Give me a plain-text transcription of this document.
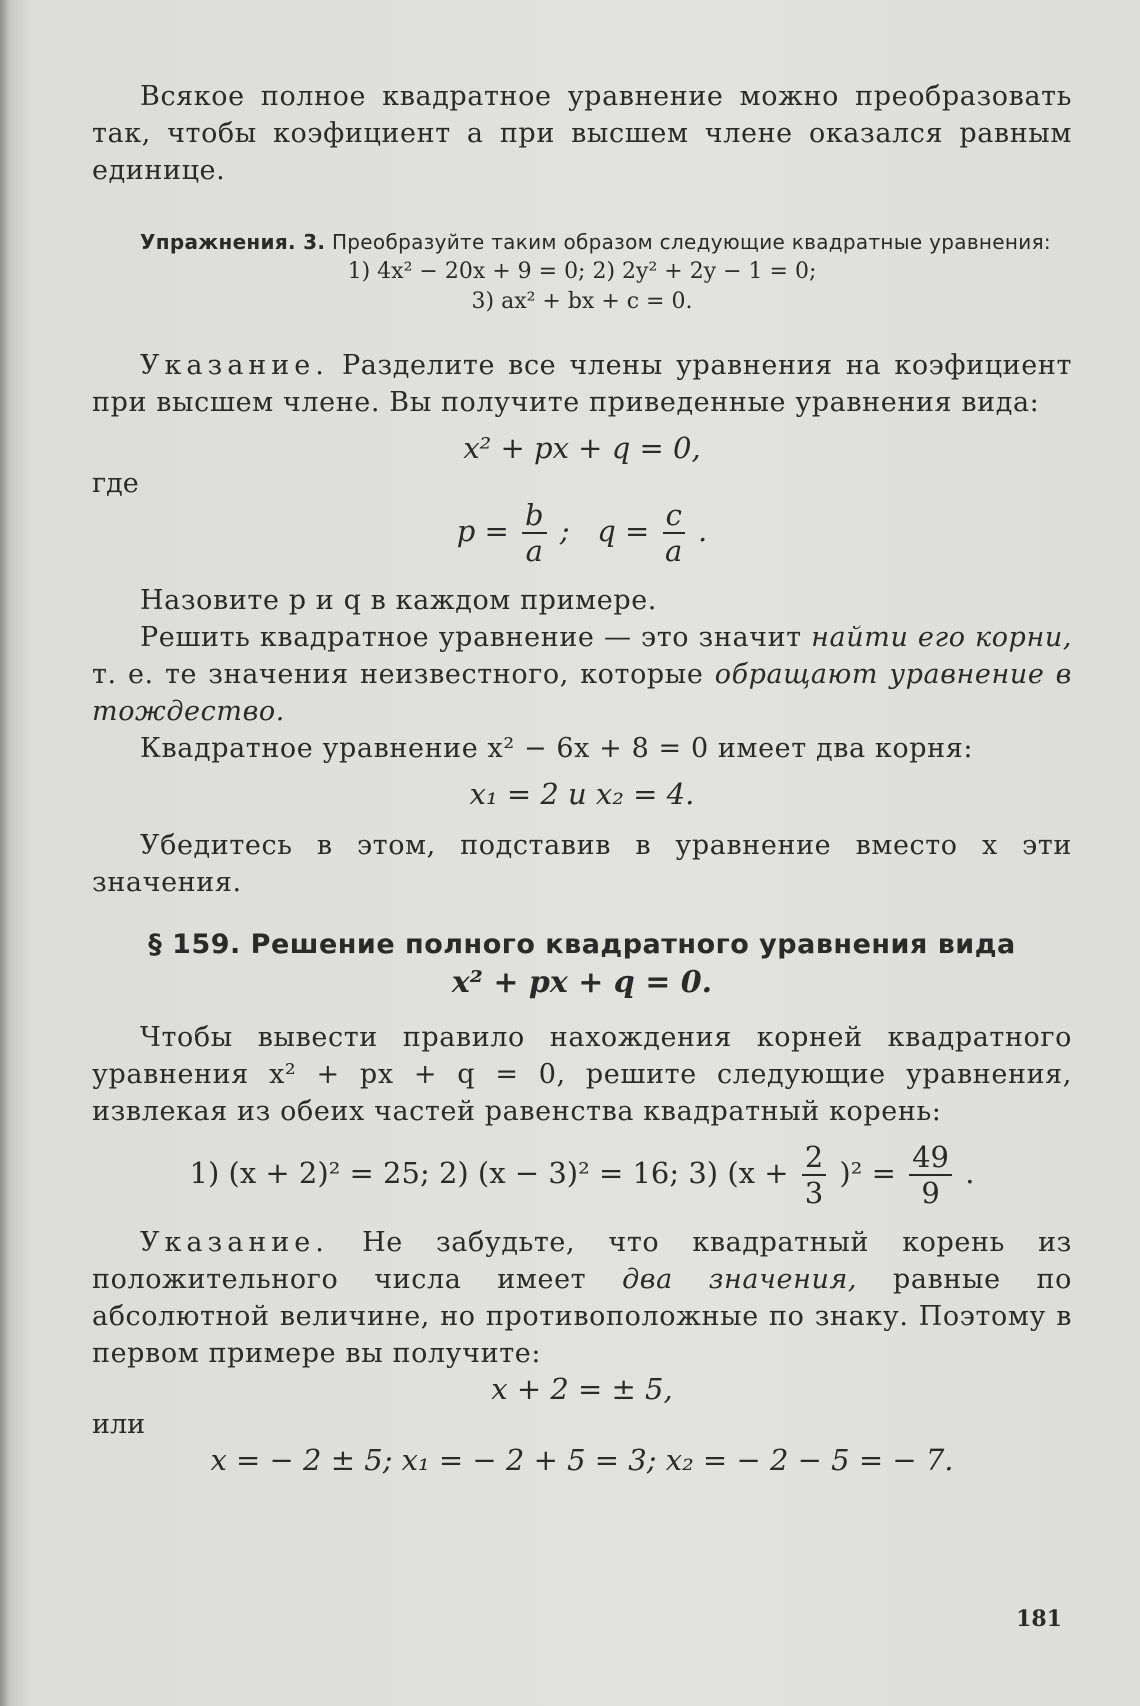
Всякое полное квадратное уравнение можно преобразовать так, чтобы коэфициент a при высшем члене оказался равным единице.

Упражнения. 3. Преобразуйте таким образом следующие квадратные уравнения:

1) 4x² − 20x + 9 = 0; 2) 2y² + 2y − 1 = 0;

3) ax² + bx + c = 0.

Указание. Разделите все члены уравнения на коэфициент при высшем члене. Вы получите приведенные уравнения вида:

x² + px + q = 0,

где

$p = \frac{b}{a}$ ; $q = \frac{c}{a}$ .

Назовите p и q в каждом примере.

Решить квадратное уравнение — это значит найти его корни, т. е. те значения неизвестного, которые обращают уравнение в тождество.

Квадратное уравнение x² − 6x + 8 = 0 имеет два корня:

x₁ = 2 и x₂ = 4.

Убедитесь в этом, подставив в уравнение вместо x эти значения.

§ 159. Решение полного квадратного уравнения вида

x² + px + q = 0.

Чтобы вывести правило нахождения корней квадратного уравнения x² + px + q = 0, решите следующие уравнения, извлекая из обеих частей равенства квадратный корень:

1) (x + 2)² = 25; 2) (x − 3)² = 16; 3) $(x + \frac{2}{3} )^2 = \frac{49}{9}$ .

Указание. Не забудьте, что квадратный корень из положительного числа имеет два значения, равные по абсолютной величине, но противоположные по знаку. Поэтому в первом примере вы получите:

x + 2 = ± 5,

или

x = − 2 ± 5; x₁ = − 2 + 5 = 3; x₂ = − 2 − 5 = − 7.

181
